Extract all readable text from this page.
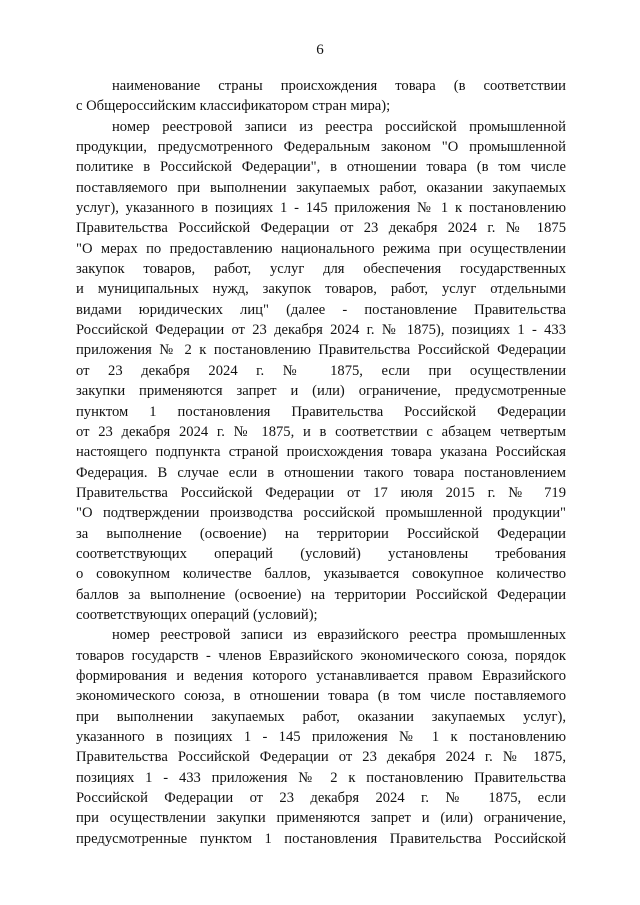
6
наименование страны происхождения товара (в соответствии
с Общероссийским классификатором стран мира);
номер реестровой записи из реестра российской промышленной
продукции, предусмотренного Федеральным законом "О промышленной
политике в Российской Федерации", в отношении товара (в том числе
поставляемого при выполнении закупаемых работ, оказании закупаемых
услуг), указанного в позициях 1 - 145 приложения № 1 к постановлению
Правительства Российской Федерации от 23 декабря 2024 г. № 1875
"О мерах по предоставлению национального режима при осуществлении
закупок товаров, работ, услуг для обеспечения государственных
и муниципальных нужд, закупок товаров, работ, услуг отдельными
видами юридических лиц" (далее - постановление Правительства
Российской Федерации от 23 декабря 2024 г. № 1875), позициях 1 - 433
приложения № 2 к постановлению Правительства Российской Федерации
от 23 декабря 2024 г. № 1875, если при осуществлении
закупки применяются запрет и (или) ограничение, предусмотренные
пунктом 1 постановления Правительства Российской Федерации
от 23 декабря 2024 г. № 1875, и в соответствии с абзацем четвертым
настоящего подпункта страной происхождения товара указана Российская
Федерация. В случае если в отношении такого товара постановлением
Правительства Российской Федерации от 17 июля 2015 г. № 719
"О подтверждении производства российской промышленной продукции"
за выполнение (освоение) на территории Российской Федерации
соответствующих операций (условий) установлены требования
о совокупном количестве баллов, указывается совокупное количество
баллов за выполнение (освоение) на территории Российской Федерации
соответствующих операций (условий);
номер реестровой записи из евразийского реестра промышленных
товаров государств - членов Евразийского экономического союза, порядок
формирования и ведения которого устанавливается правом Евразийского
экономического союза, в отношении товара (в том числе поставляемого
при выполнении закупаемых работ, оказании закупаемых услуг),
указанного в позициях 1 - 145 приложения № 1 к постановлению
Правительства Российской Федерации от 23 декабря 2024 г. № 1875,
позициях 1 - 433 приложения № 2 к постановлению Правительства
Российской Федерации от 23 декабря 2024 г. № 1875, если
при осуществлении закупки применяются запрет и (или) ограничение,
предусмотренные пунктом 1 постановления Правительства Российской
